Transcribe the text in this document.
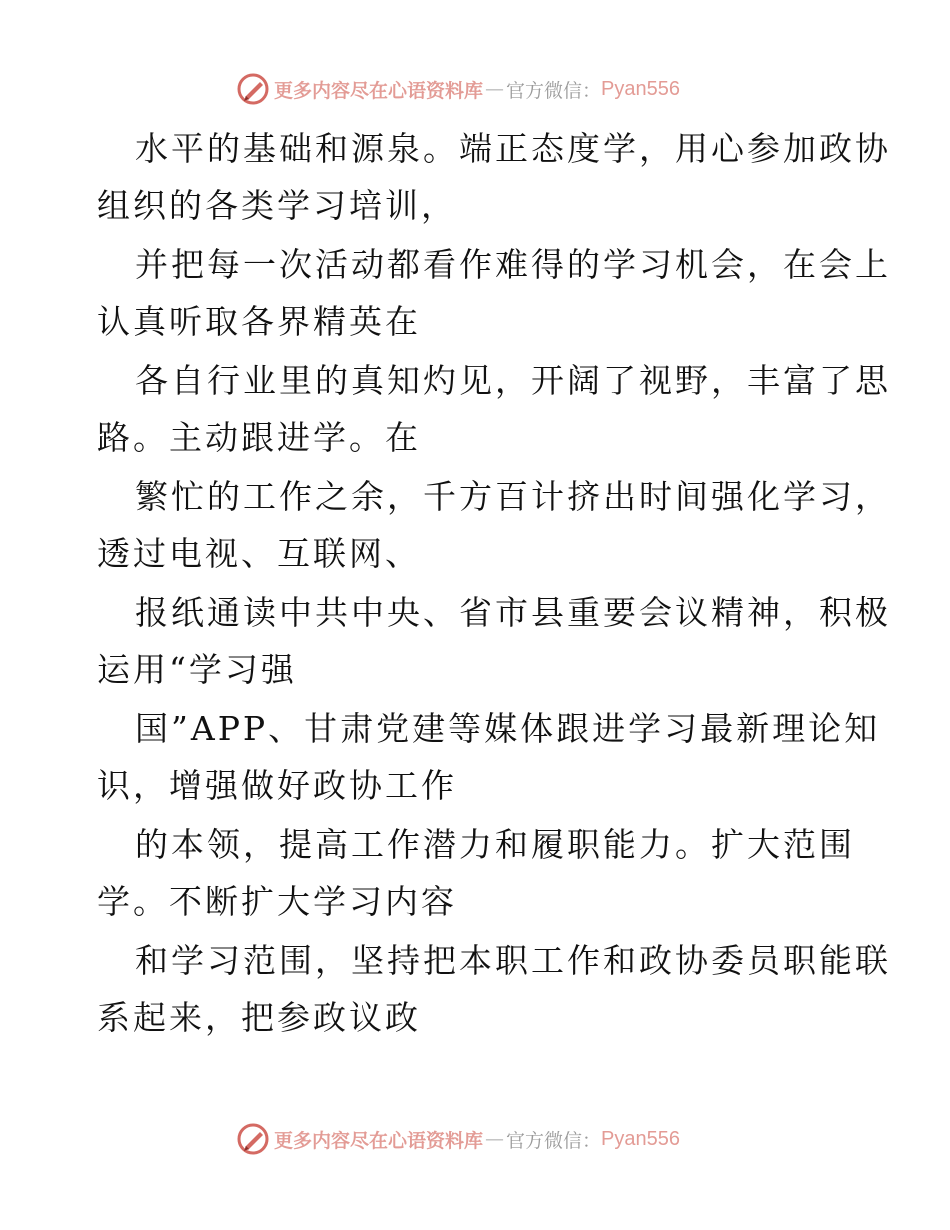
更多内容尽在心语资料库 — 官方微信： Pyan556
水平的基础和源泉。端正态度学，用心参加政协
组织的各类学习培训，
并把每一次活动都看作难得的学习机会，在会上
认真听取各界精英在
各自行业里的真知灼见，开阔了视野，丰富了思
路。主动跟进学。在
繁忙的工作之余，千方百计挤出时间强化学习，
透过电视、互联网、
报纸通读中共中央、省市县重要会议精神，积极
运用“学习强
国”APP、甘肃党建等媒体跟进学习最新理论知
识，增强做好政协工作
的本领，提高工作潜力和履职能力。扩大范围
学。不断扩大学习内容
和学习范围，坚持把本职工作和政协委员职能联
系起来，把参政议政
更多内容尽在心语资料库 — 官方微信： Pyan556
